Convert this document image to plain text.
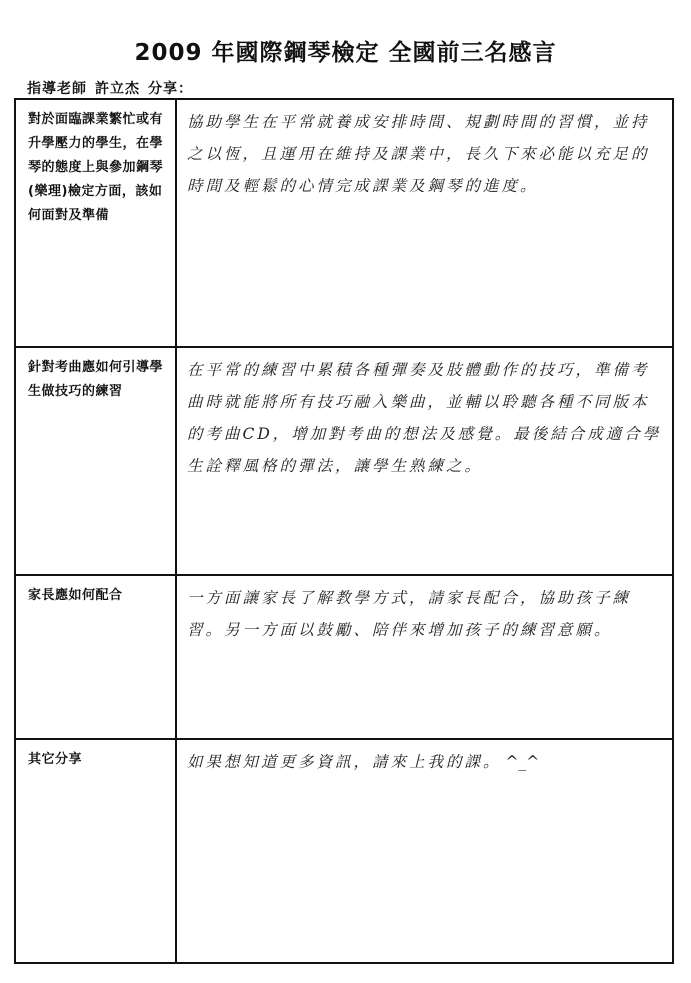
2009 年國際鋼琴檢定 全國前三名感言
指導老師 許立杰 分享：
對於面臨課業繁忙或有升學壓力的學生，在學琴的態度上與參加鋼琴(樂理)檢定方面，該如何面對及準備
協助學生在平常就養成安排時間、規劃時間的習慣，並持之以恆，且運用在維持及課業中，長久下來必能以充足的時間及輕鬆的心情完成課業及鋼琴的進度。
針對考曲應如何引導學生做技巧的練習
在平常的練習中累積各種彈奏及肢體動作的技巧，準備考曲時就能將所有技巧融入樂曲，並輔以聆聽各種不同版本的考曲CD，增加對考曲的想法及感覺。最後結合成適合學生詮釋風格的彈法，讓學生熟練之。
家長應如何配合	一方面讓家長了解教學方式，請家長配合，協助孩子練習。另一方面以鼓勵、陪伴來增加孩子的練習意願。
其它分享	如果想知道更多資訊，請來上我的課。 ^_^
